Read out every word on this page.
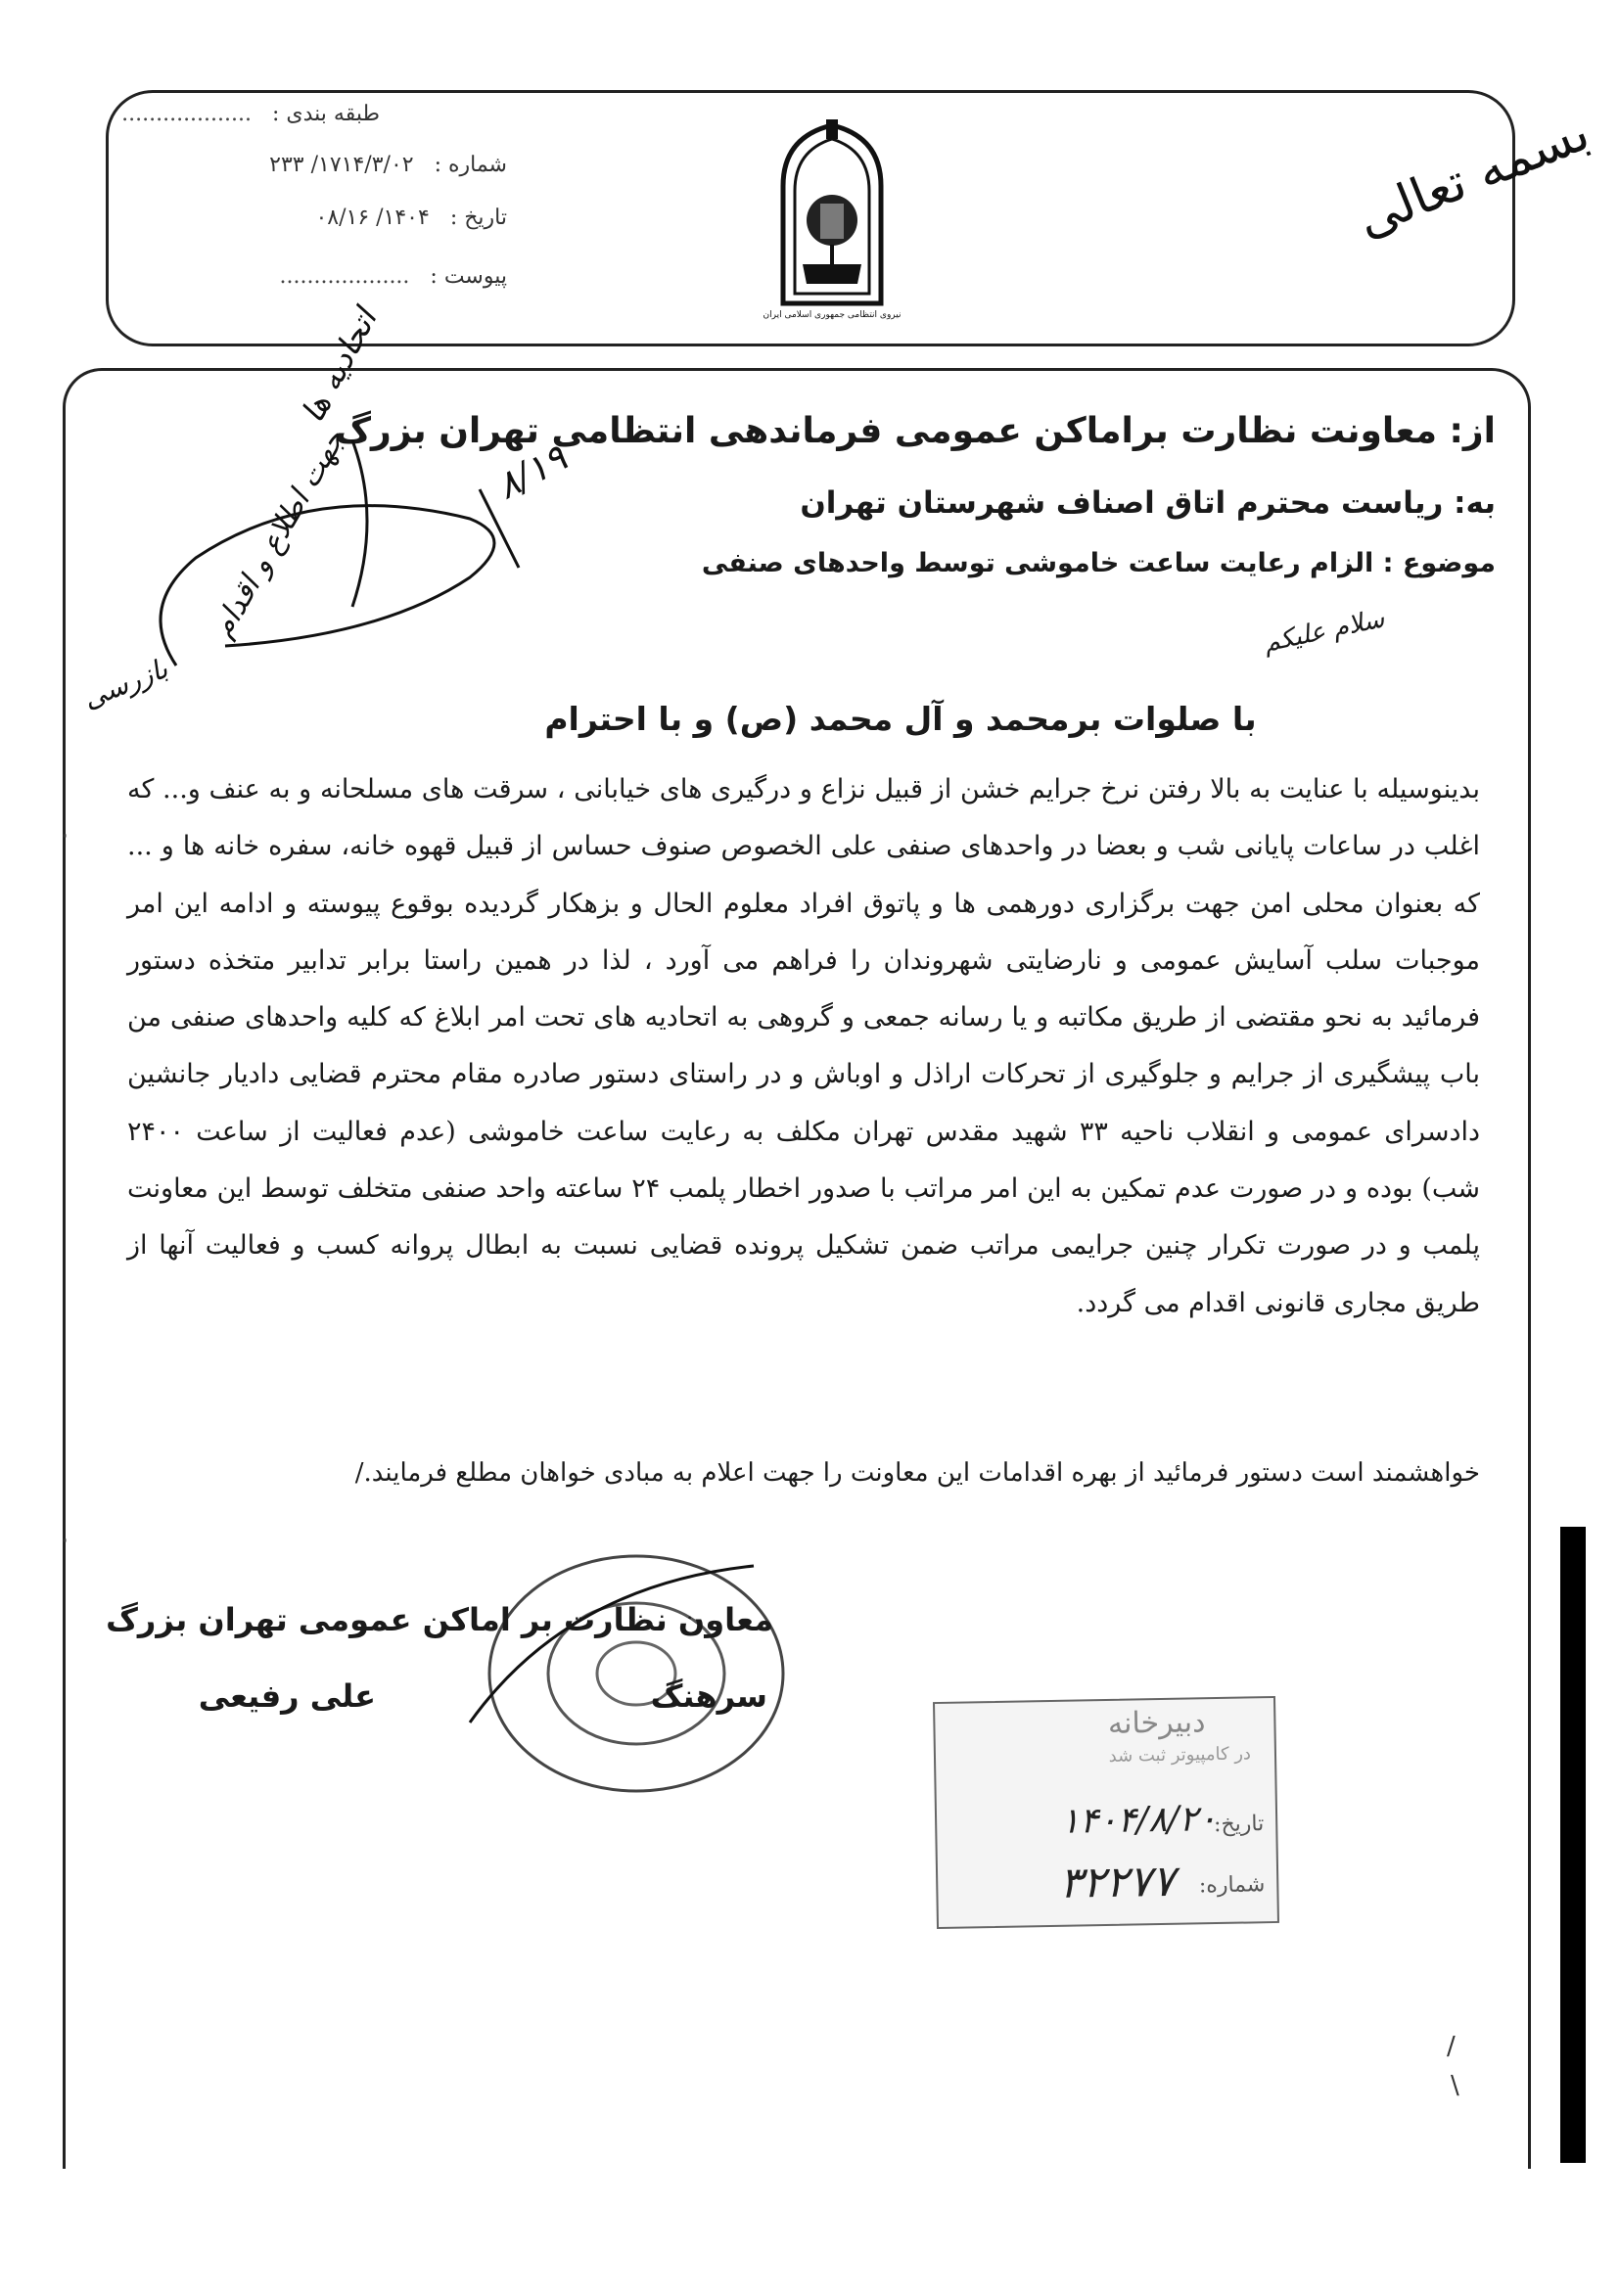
طبقه بندی : ...................
شماره : ۱۷۱۴/۳/۰۲/ ۲۳۳
تاریخ : ۱۴۰۴/ ۰۸/۱۶
پیوست : ...................
نیروی انتظامی جمهوری اسلامی ایران
بسمه تعالی
از: معاونت نظارت براماکن عمومی فرماندهی انتظامی تهران بزرگ
به: ریاست محترم اتاق اصناف شهرستان تهران
موضوع : الزام رعایت ساعت خاموشی توسط واحدهای صنفی
سلام علیکم
با صلوات برمحمد و آل محمد (ص) و با احترام
بدینوسیله با عنایت به بالا رفتن نرخ جرایم خشن از قبیل نزاع و درگیری های خیابانی ، سرقت های مسلحانه و به عنف و... که اغلب در ساعات پایانی شب و بعضا در واحدهای صنفی علی الخصوص صنوف حساس از قبیل قهوه خانه، سفره خانه ها و ... که بعنوان محلی امن جهت برگزاری دورهمی ها و پاتوق افراد معلوم الحال و بزهکار گردیده بوقوع پیوسته و ادامه این امر موجبات سلب آسایش عمومی و نارضایتی شهروندان را فراهم می آورد ، لذا در همین راستا برابر تدابیر متخذه دستور فرمائید به نحو مقتضی از طریق مکاتبه و یا رسانه جمعی و گروهی به اتحادیه های تحت امر ابلاغ که کلیه واحدهای صنفی من باب پیشگیری از جرایم و جلوگیری از تحرکات اراذل و اوباش و در راستای دستور صادره مقام محترم قضایی دادیار جانشین دادسرای عمومی و انقلاب ناحیه ۳۳ شهید مقدس تهران مکلف به رعایت ساعت خاموشی (عدم فعالیت از ساعت ۲۴۰۰ شب) بوده و در صورت عدم تمکین به این امر مراتب با صدور اخطار پلمب ۲۴ ساعته واحد صنفی متخلف توسط این معاونت پلمب و در صورت تکرار چنین جرایمی مراتب ضمن تشکیل پرونده قضایی نسبت به ابطال پروانه کسب و فعالیت آنها از طریق مجاری قانونی اقدام می گردد.
خواهشمند است دستور فرمائید از بهره اقدامات این معاونت را جهت اعلام به مبادی خواهان مطلع فرمایند./
اتحادیه ها
جهت اطلاع و اقدام
بازرسی
۸/۱۹
معاون نظارت بر اماکن عمومی تهران بزرگ
سرهنگ
علی رفیعی
دبیرخانه
در کامپیوتر ثبت شد
تاریخ:
۱۴۰۴/۸/۲۰
شماره:
۳۲۲۷۷
/
\
·
·
